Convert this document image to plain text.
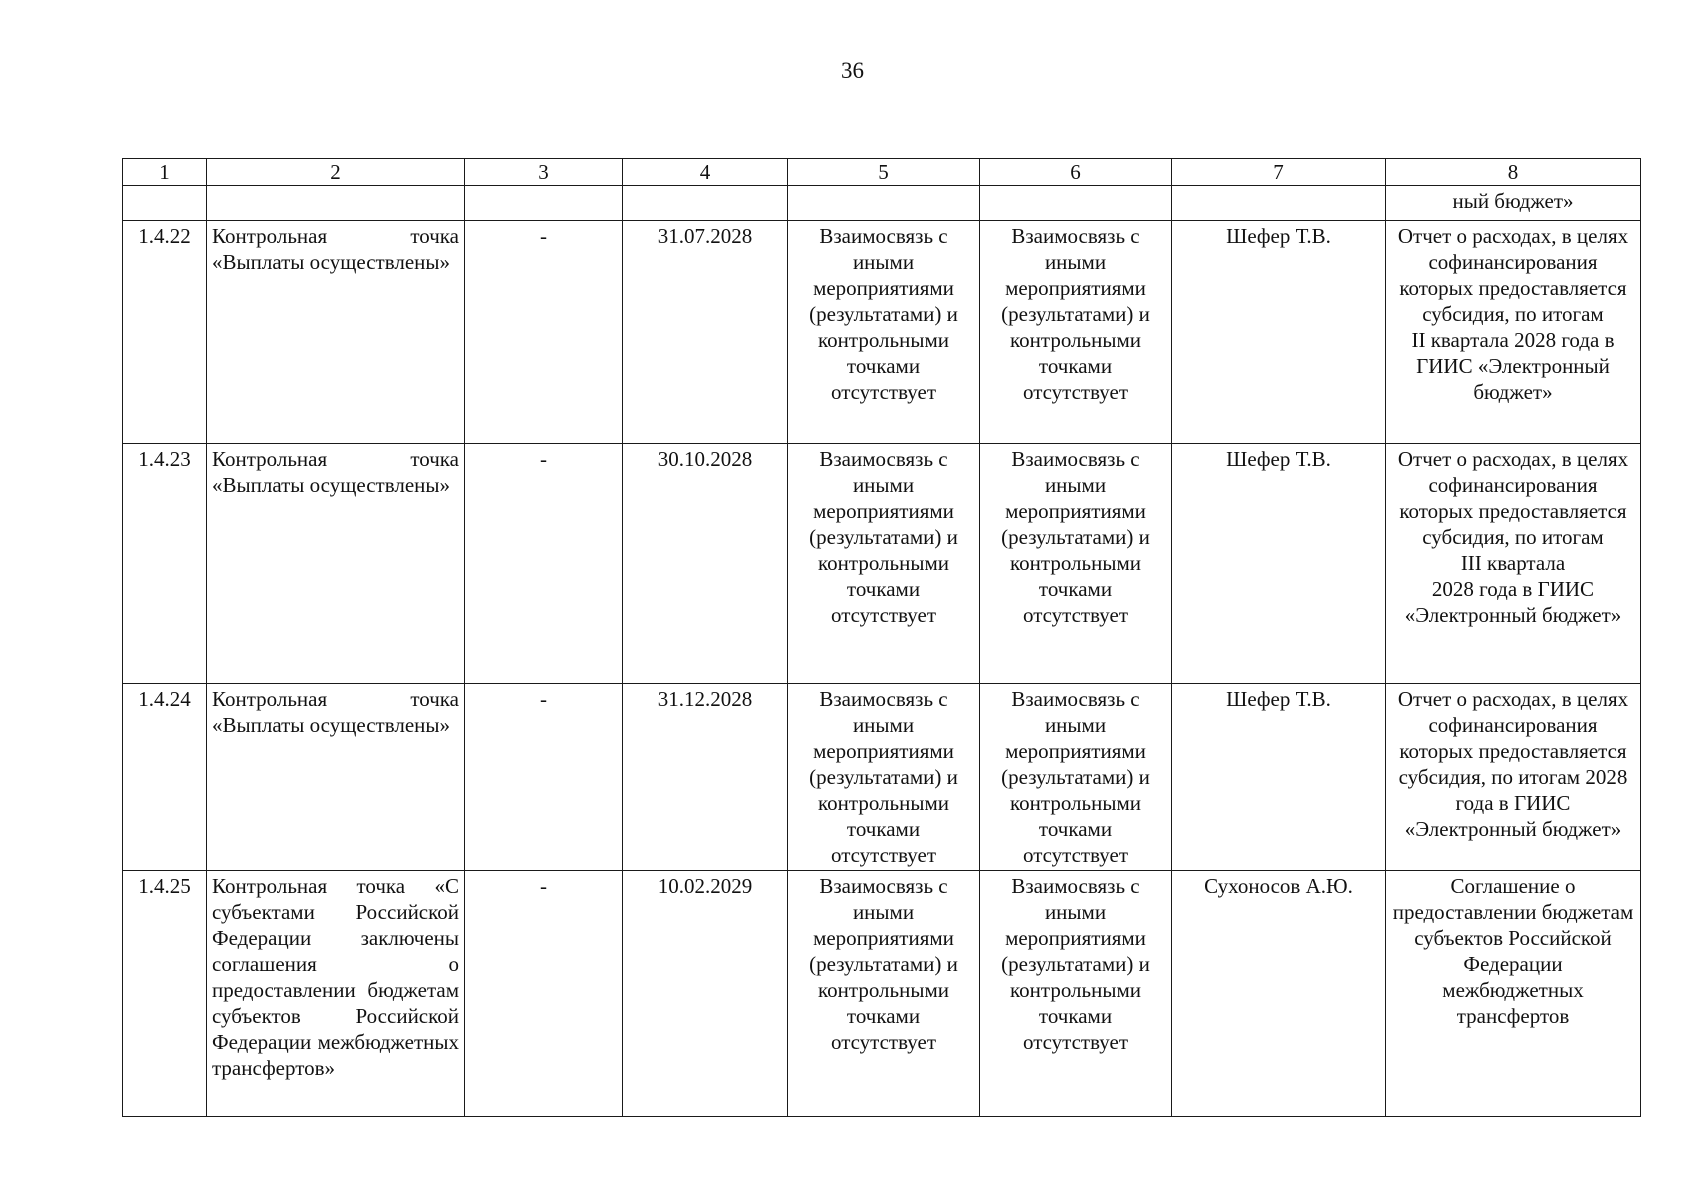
36
1	2	3	4	5	6	7	8
							ный бюджет»
1.4.22	Контрольная точка «Выплаты осуществлены»	-	31.07.2028	Взаимосвязь с иными мероприятиями (результатами) и контрольными точками отсутствует	Взаимосвязь с иными мероприятиями (результатами) и контрольными точками отсутствует	Шефер Т.В.	Отчет о расходах, в целях софинансирования которых предоставляется субсидия, по итогам
II квартала 2028 года в ГИИС «Электронный бюджет»
1.4.23	Контрольная точка «Выплаты осуществлены»	-	30.10.2028	Взаимосвязь с иными мероприятиями (результатами) и контрольными точками отсутствует	Взаимосвязь с иными мероприятиями (результатами) и контрольными точками отсутствует	Шефер Т.В.	Отчет о расходах, в целях софинансирования которых предоставляется субсидия, по итогам
III квартала
2028 года в ГИИС «Электронный бюджет»
1.4.24	Контрольная точка «Выплаты осуществлены»	-	31.12.2028	Взаимосвязь с иными мероприятиями (результатами) и контрольными точками отсутствует	Взаимосвязь с иными мероприятиями (результатами) и контрольными точками отсутствует	Шефер Т.В.	Отчет о расходах, в целях софинансирования которых предоставляется субсидия, по итогам 2028 года в ГИИС «Электронный бюджет»
1.4.25	Контрольная точка «С субъектами Российской Федерации заключены соглашения о предоставлении бюджетам субъектов Российской Федерации межбюджетных трансфертов»	-	10.02.2029	Взаимосвязь с иными мероприятиями (результатами) и контрольными точками отсутствует	Взаимосвязь с иными мероприятиями (результатами) и контрольными точками отсутствует	Сухоносов А.Ю.	Соглашение о предоставлении бюджетам субъектов Российской Федерации межбюджетных трансфертов
